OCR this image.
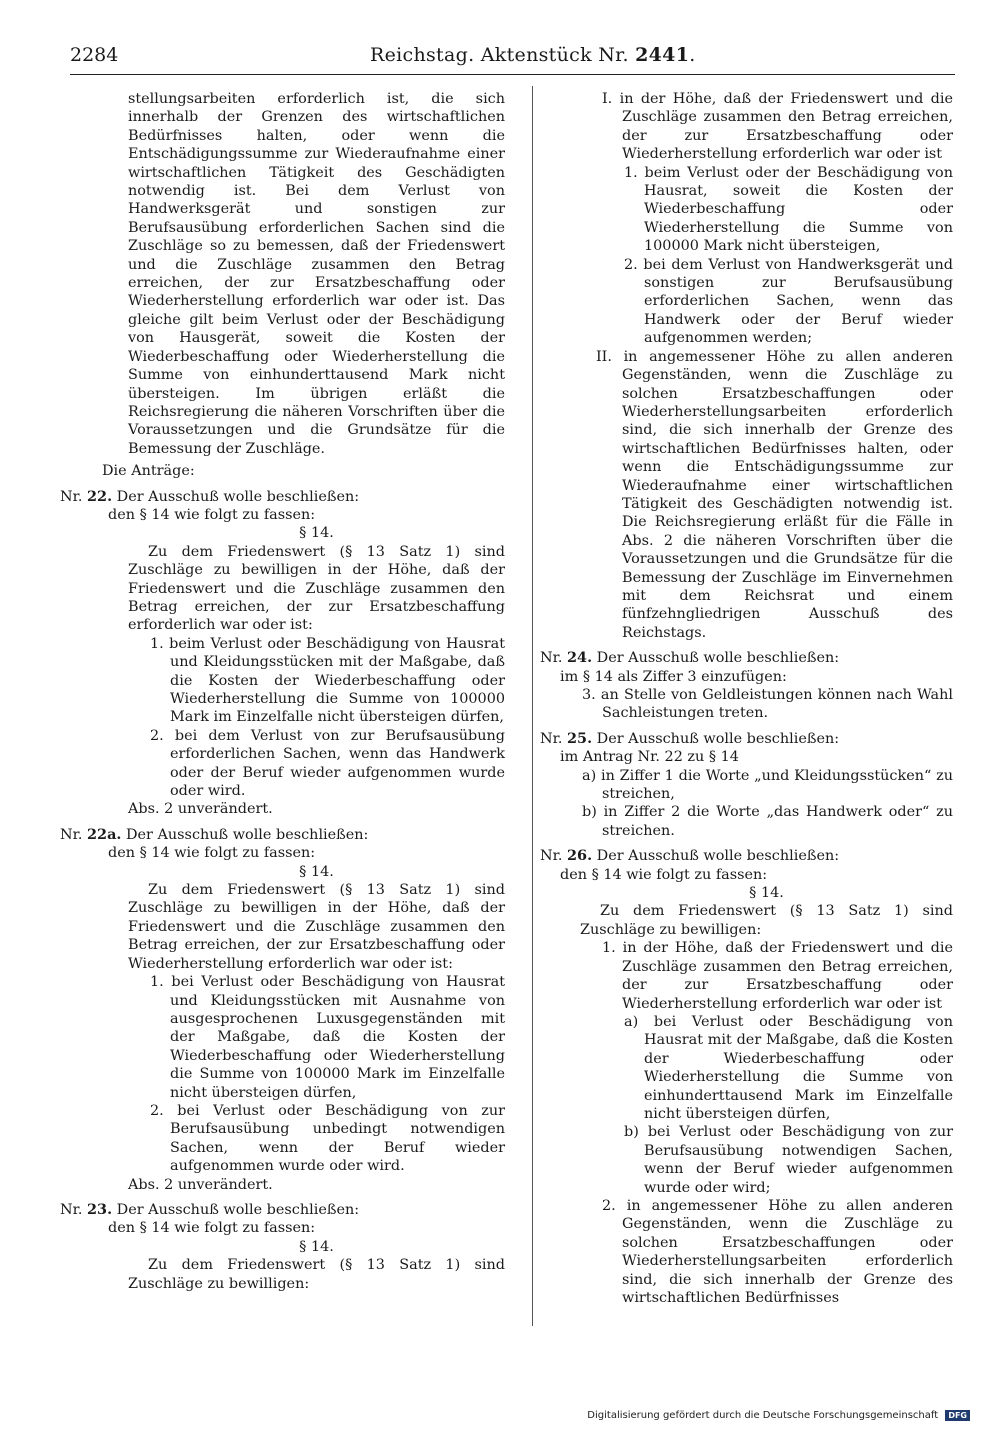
2284	Reichstag. Aktenstück Nr. 2441.

stellungsarbeiten erforderlich ist, die sich innerhalb der Grenzen des wirtschaftlichen Bedürfnisses halten, oder wenn die Entschädigungssumme zur Wiederaufnahme einer wirtschaftlichen Tätigkeit des Geschädigten notwendig ist. Bei dem Verlust von Handwerksgerät und sonstigen zur Berufsausübung erforderlichen Sachen sind die Zuschläge so zu bemessen, daß der Friedenswert und die Zuschläge zusammen den Betrag erreichen, der zur Ersatzbeschaffung oder Wiederherstellung erforderlich war oder ist. Das gleiche gilt beim Verlust oder der Beschädigung von Hausgerät, soweit die Kosten der Wiederbeschaffung oder Wiederherstellung die Summe von einhunderttausend Mark nicht übersteigen. Im übrigen erläßt die Reichsregierung die näheren Vorschriften über die Voraussetzungen und die Grundsätze für die Bemessung der Zuschläge.

Die Anträge:

Nr. 22. Der Ausschuß wolle beschließen:

den § 14 wie folgt zu fassen:

§ 14.

Zu dem Friedenswert (§ 13 Satz 1) sind Zuschläge zu bewilligen in der Höhe, daß der Friedenswert und die Zuschläge zusammen den Betrag erreichen, der zur Ersatzbeschaffung erforderlich war oder ist:

1. beim Verlust oder Beschädigung von Hausrat und Kleidungsstücken mit der Maßgabe, daß die Kosten der Wiederbeschaffung oder Wiederherstellung die Summe von 100000 Mark im Einzelfalle nicht übersteigen dürfen,

2. bei dem Verlust von zur Berufsausübung erforderlichen Sachen, wenn das Handwerk oder der Beruf wieder aufgenommen wurde oder wird.

Abs. 2 unverändert.

Nr. 22a. Der Ausschuß wolle beschließen:

den § 14 wie folgt zu fassen:

§ 14.

Zu dem Friedenswert (§ 13 Satz 1) sind Zuschläge zu bewilligen in der Höhe, daß der Friedenswert und die Zuschläge zusammen den Betrag erreichen, der zur Ersatzbeschaffung oder Wiederherstellung erforderlich war oder ist:

1. bei Verlust oder Beschädigung von Hausrat und Kleidungsstücken mit Ausnahme von ausgesprochenen Luxusgegenständen mit der Maßgabe, daß die Kosten der Wiederbeschaffung oder Wiederherstellung die Summe von 100000 Mark im Einzelfalle nicht übersteigen dürfen,

2. bei Verlust oder Beschädigung von zur Berufsausübung unbedingt notwendigen Sachen, wenn der Beruf wieder aufgenommen wurde oder wird.

Abs. 2 unverändert.

Nr. 23. Der Ausschuß wolle beschließen:

den § 14 wie folgt zu fassen:

§ 14.

Zu dem Friedenswert (§ 13 Satz 1) sind Zuschläge zu bewilligen:

I. in der Höhe, daß der Friedenswert und die Zuschläge zusammen den Betrag erreichen, der zur Ersatzbeschaffung oder Wiederherstellung erforderlich war oder ist

1. beim Verlust oder der Beschädigung von Hausrat, soweit die Kosten der Wiederbeschaffung oder Wiederherstellung die Summe von 100000 Mark nicht übersteigen,

2. bei dem Verlust von Handwerksgerät und sonstigen zur Berufsausübung erforderlichen Sachen, wenn das Handwerk oder der Beruf wieder aufgenommen werden;

II. in angemessener Höhe zu allen anderen Gegenständen, wenn die Zuschläge zu solchen Ersatzbeschaffungen oder Wiederherstellungsarbeiten erforderlich sind, die sich innerhalb der Grenze des wirtschaftlichen Bedürfnisses halten, oder wenn die Entschädigungssumme zur Wiederaufnahme einer wirtschaftlichen Tätigkeit des Geschädigten notwendig ist. Die Reichsregierung erläßt für die Fälle in Abs. 2 die näheren Vorschriften über die Voraussetzungen und die Grundsätze für die Bemessung der Zuschläge im Einvernehmen mit dem Reichsrat und einem fünfzehngliedrigen Ausschuß des Reichstags.

Nr. 24. Der Ausschuß wolle beschließen:

im § 14 als Ziffer 3 einzufügen:

3. an Stelle von Geldleistungen können nach Wahl Sachleistungen treten.

Nr. 25. Der Ausschuß wolle beschließen:

im Antrag Nr. 22 zu § 14

a) in Ziffer 1 die Worte „und Kleidungsstücken“ zu streichen,

b) in Ziffer 2 die Worte „das Handwerk oder“ zu streichen.

Nr. 26. Der Ausschuß wolle beschließen:

den § 14 wie folgt zu fassen:

§ 14.

Zu dem Friedenswert (§ 13 Satz 1) sind Zuschläge zu bewilligen:

1. in der Höhe, daß der Friedenswert und die Zuschläge zusammen den Betrag erreichen, der zur Ersatzbeschaffung oder Wiederherstellung erforderlich war oder ist

a) bei Verlust oder Beschädigung von Hausrat mit der Maßgabe, daß die Kosten der Wiederbeschaffung oder Wiederherstellung die Summe von einhunderttausend Mark im Einzelfalle nicht übersteigen dürfen,

b) bei Verlust oder Beschädigung von zur Berufsausübung notwendigen Sachen, wenn der Beruf wieder aufgenommen wurde oder wird;

2. in angemessener Höhe zu allen anderen Gegenständen, wenn die Zuschläge zu solchen Ersatzbeschaffungen oder Wiederherstellungsarbeiten erforderlich sind, die sich innerhalb der Grenze des wirtschaftlichen Bedürfnisses

Digitalisierung gefördert durch die Deutsche Forschungsgemeinschaft DFG
